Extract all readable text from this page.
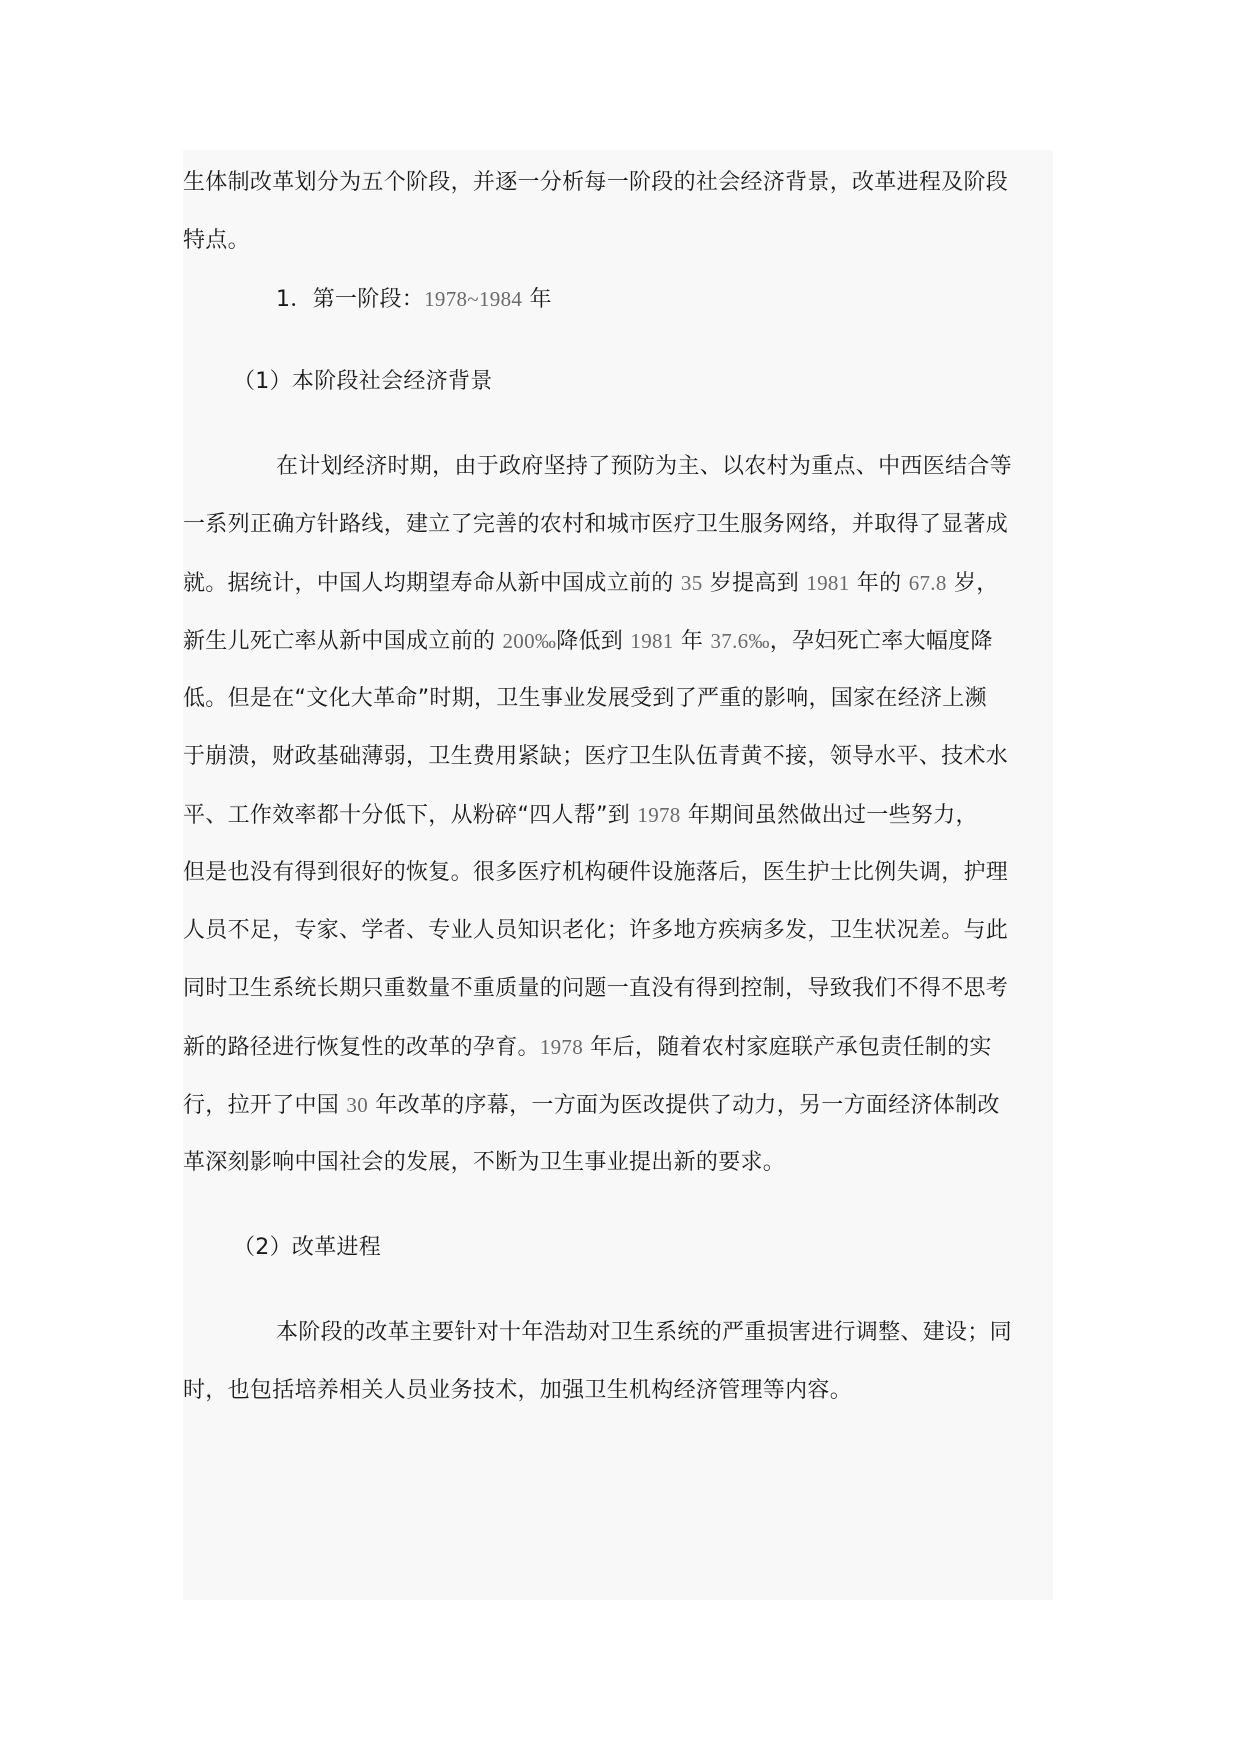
生体制改革划分为五个阶段，并逐一分析每一阶段的社会经济背景，改革进程及阶段
特点。
1．第一阶段：1978~1984 年
（1）本阶段社会经济背景
在计划经济时期，由于政府坚持了预防为主、以农村为重点、中西医结合等
一系列正确方针路线，建立了完善的农村和城市医疗卫生服务网络，并取得了显著成
就。据统计，中国人均期望寿命从新中国成立前的 35 岁提高到 1981 年的 67.8 岁，
新生儿死亡率从新中国成立前的 200‰降低到 1981 年 37.6‰，孕妇死亡率大幅度降
低。但是在“文化大革命”时期，卫生事业发展受到了严重的影响，国家在经济上濒
于崩溃，财政基础薄弱，卫生费用紧缺；医疗卫生队伍青黄不接，领导水平、技术水
平、工作效率都十分低下，从粉碎“四人帮”到 1978 年期间虽然做出过一些努力，
但是也没有得到很好的恢复。很多医疗机构硬件设施落后，医生护士比例失调，护理
人员不足，专家、学者、专业人员知识老化；许多地方疾病多发，卫生状况差。与此
同时卫生系统长期只重数量不重质量的问题一直没有得到控制，导致我们不得不思考
新的路径进行恢复性的改革的孕育。1978 年后，随着农村家庭联产承包责任制的实
行，拉开了中国 30 年改革的序幕，一方面为医改提供了动力，另一方面经济体制改
革深刻影响中国社会的发展，不断为卫生事业提出新的要求。
（2）改革进程
本阶段的改革主要针对十年浩劫对卫生系统的严重损害进行调整、建设；同
时，也包括培养相关人员业务技术，加强卫生机构经济管理等内容。
